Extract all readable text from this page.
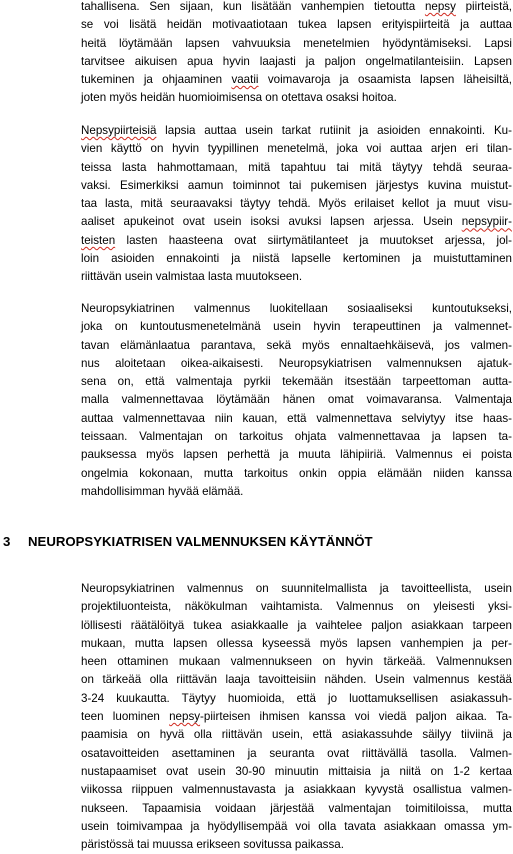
tahallisena. Sen sijaan, kun lisätään vanhempien tietoutta nepsy piirteistä,
se voi lisätä heidän motivaatiotaan tukea lapsen erityispiirteitä ja auttaa
heitä löytämään lapsen vahvuuksia menetelmien hyödyntämiseksi. Lapsi
tarvitsee aikuisen apua hyvin laajasti ja paljon ongelmatilanteisiin. Lapsen
tukeminen ja ohjaaminen vaatii voimavaroja ja osaamista lapsen läheisiltä,
joten myös heidän huomioimisensa on otettava osaksi hoitoa.
Nepsypiirteisiä lapsia auttaa usein tarkat rutiinit ja asioiden ennakointi. Ku-
vien käyttö on hyvin tyypillinen menetelmä, joka voi auttaa arjen eri tilan-
teissa lasta hahmottamaan, mitä tapahtuu tai mitä täytyy tehdä seuraa-
vaksi. Esimerkiksi aamun toiminnot tai pukemisen järjestys kuvina muistut-
taa lasta, mitä seuraavaksi täytyy tehdä. Myös erilaiset kellot ja muut visu-
aaliset apukeinot ovat usein isoksi avuksi lapsen arjessa. Usein nepsypiir-
teisten lasten haasteena ovat siirtymätilanteet ja muutokset arjessa, jol-
loin asioiden ennakointi ja niistä lapselle kertominen ja muistuttaminen
riittävän usein valmistaa lasta muutokseen.
Neuropsykiatrinen valmennus luokitellaan sosiaaliseksi kuntoutukseksi,
joka on kuntoutusmenetelmänä usein hyvin terapeuttinen ja valmennet-
tavan elämänlaatua parantava, sekä myös ennaltaehkäisevä, jos valmen-
nus aloitetaan oikea-aikaisesti. Neuropsykiatrisen valmennuksen ajatuk-
sena on, että valmentaja pyrkii tekemään itsestään tarpeettoman autta-
malla valmennettavaa löytämään hänen omat voimavaransa. Valmentaja
auttaa valmennettavaa niin kauan, että valmennettava selviytyy itse haas-
teissaan. Valmentajan on tarkoitus ohjata valmennettavaa ja lapsen ta-
pauksessa myös lapsen perhettä ja muuta lähipiiriä. Valmennus ei poista
ongelmia kokonaan, mutta tarkoitus onkin oppia elämään niiden kanssa
mahdollisimman hyvää elämää.
3 NEUROPSYKIATRISEN VALMENNUKSEN KÄYTÄNNÖT
Neuropsykiatrinen valmennus on suunnitelmallista ja tavoitteellista, usein
projektiluonteista, näkökulman vaihtamista. Valmennus on yleisesti yksi-
löllisesti räätälöityä tukea asiakkaalle ja vaihtelee paljon asiakkaan tarpeen
mukaan, mutta lapsen ollessa kyseessä myös lapsen vanhempien ja per-
heen ottaminen mukaan valmennukseen on hyvin tärkeää. Valmennuksen
on tärkeää olla riittävän laaja tavoitteisiin nähden. Usein valmennus kestää
3-24 kuukautta. Täytyy huomioida, että jo luottamuksellisen asiakassuh-
teen luominen nepsy-piirteisen ihmisen kanssa voi viedä paljon aikaa. Ta-
paamisia on hyvä olla riittävän usein, että asiakassuhde säilyy tiiviinä ja
osatavoitteiden asettaminen ja seuranta ovat riittävällä tasolla. Valmen-
nustapaamiset ovat usein 30-90 minuutin mittaisia ja niitä on 1-2 kertaa
viikossa riippuen valmennustavasta ja asiakkaan kyvystä osallistua valmen-
nukseen. Tapaamisia voidaan järjestää valmentajan toimitiloissa, mutta
usein toimivampaa ja hyödyllisempää voi olla tavata asiakkaan omassa ym-
päristössä tai muussa erikseen sovitussa paikassa.
